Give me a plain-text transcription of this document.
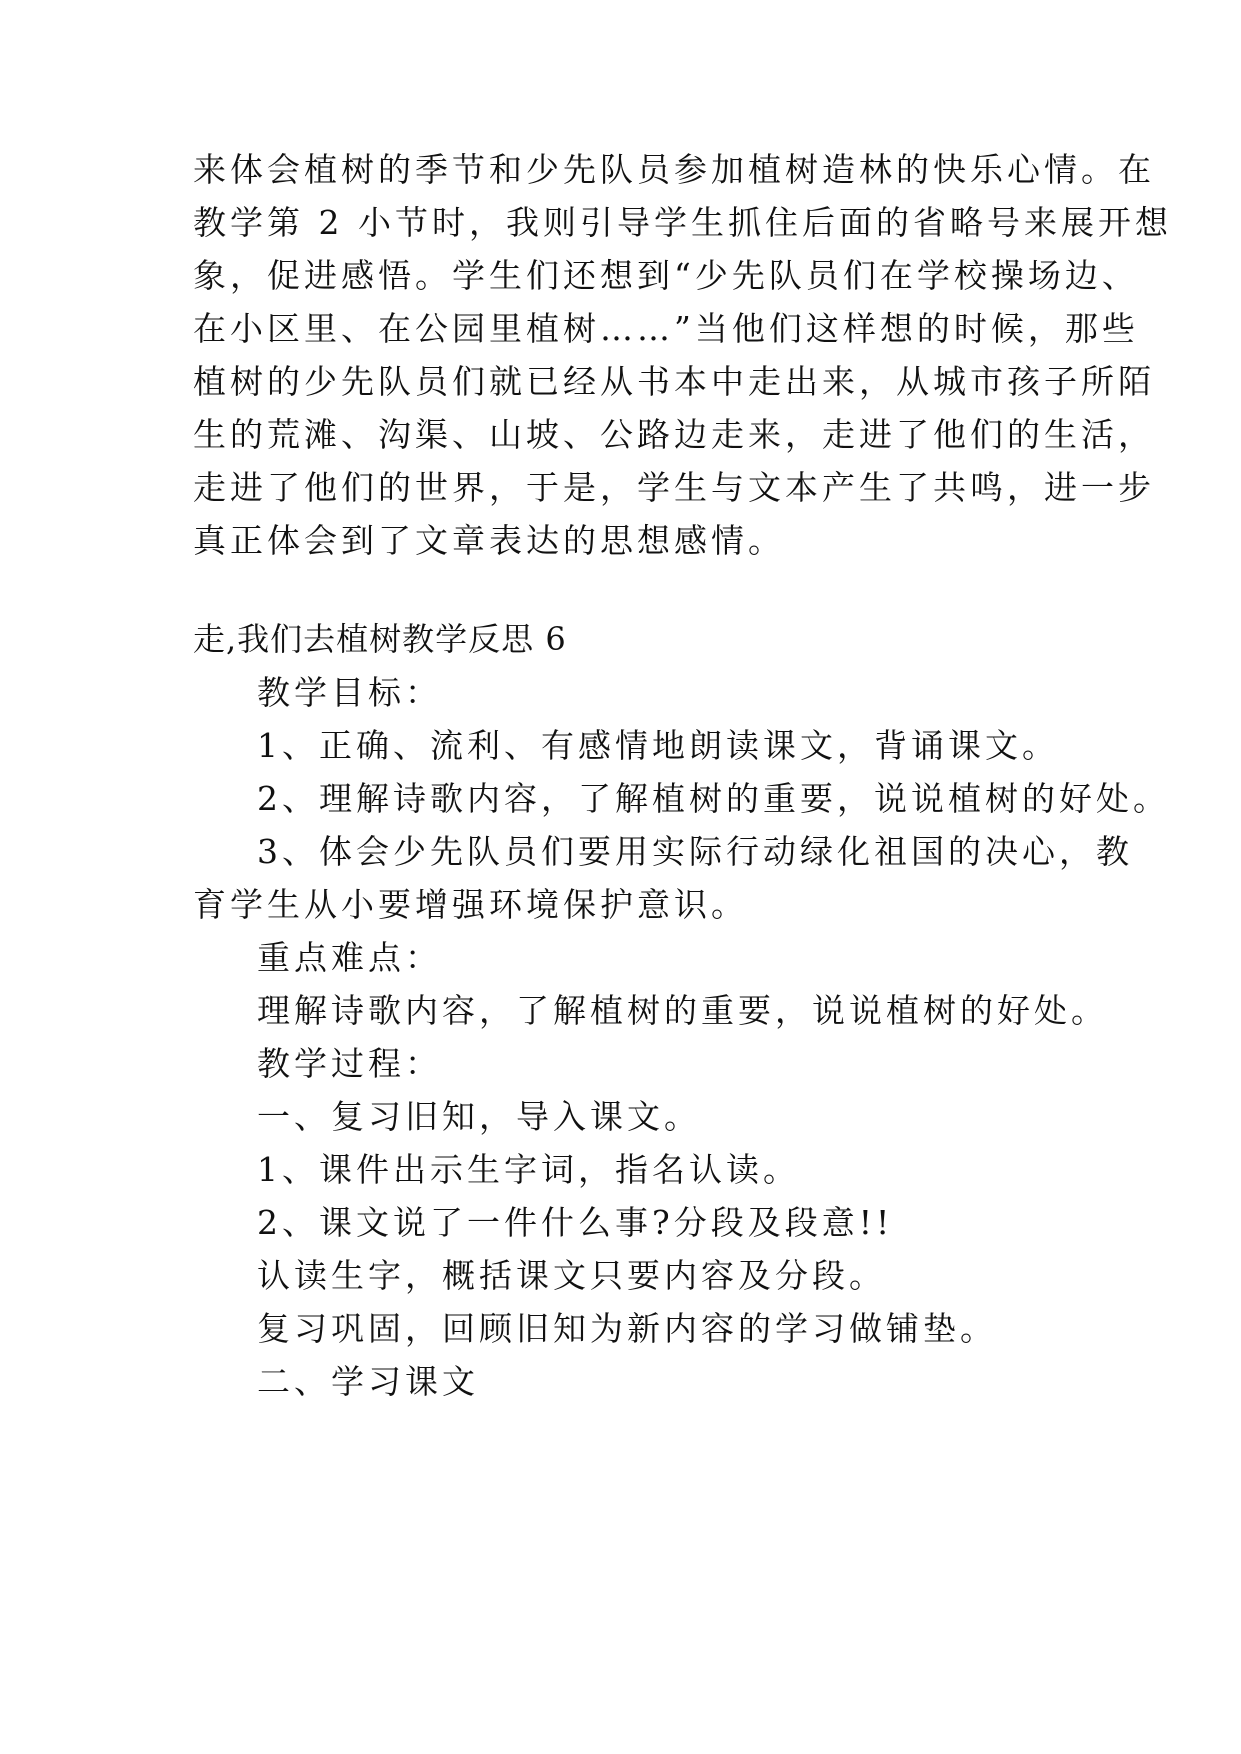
来体会植树的季节和少先队员参加植树造林的快乐心情。在
教学第 2 小节时，我则引导学生抓住后面的省略号来展开想
象，促进感悟。学生们还想到“少先队员们在学校操场边、
在小区里、在公园里植树……”当他们这样想的时候，那些
植树的少先队员们就已经从书本中走出来，从城市孩子所陌
生的荒滩、沟渠、山坡、公路边走来，走进了他们的生活，
走进了他们的世界，于是，学生与文本产生了共鸣，进一步
真正体会到了文章表达的思想感情。
走,我们去植树教学反思 6
教学目标：
1、正确、流利、有感情地朗读课文，背诵课文。
2、理解诗歌内容，了解植树的重要，说说植树的好处。
3、体会少先队员们要用实际行动绿化祖国的决心，教
育学生从小要增强环境保护意识。
重点难点：
理解诗歌内容，了解植树的重要，说说植树的好处。
教学过程：
一、复习旧知，导入课文。
1、课件出示生字词，指名认读。
2、课文说了一件什么事?分段及段意!!
认读生字，概括课文只要内容及分段。
复习巩固，回顾旧知为新内容的学习做铺垫。
二、学习课文
